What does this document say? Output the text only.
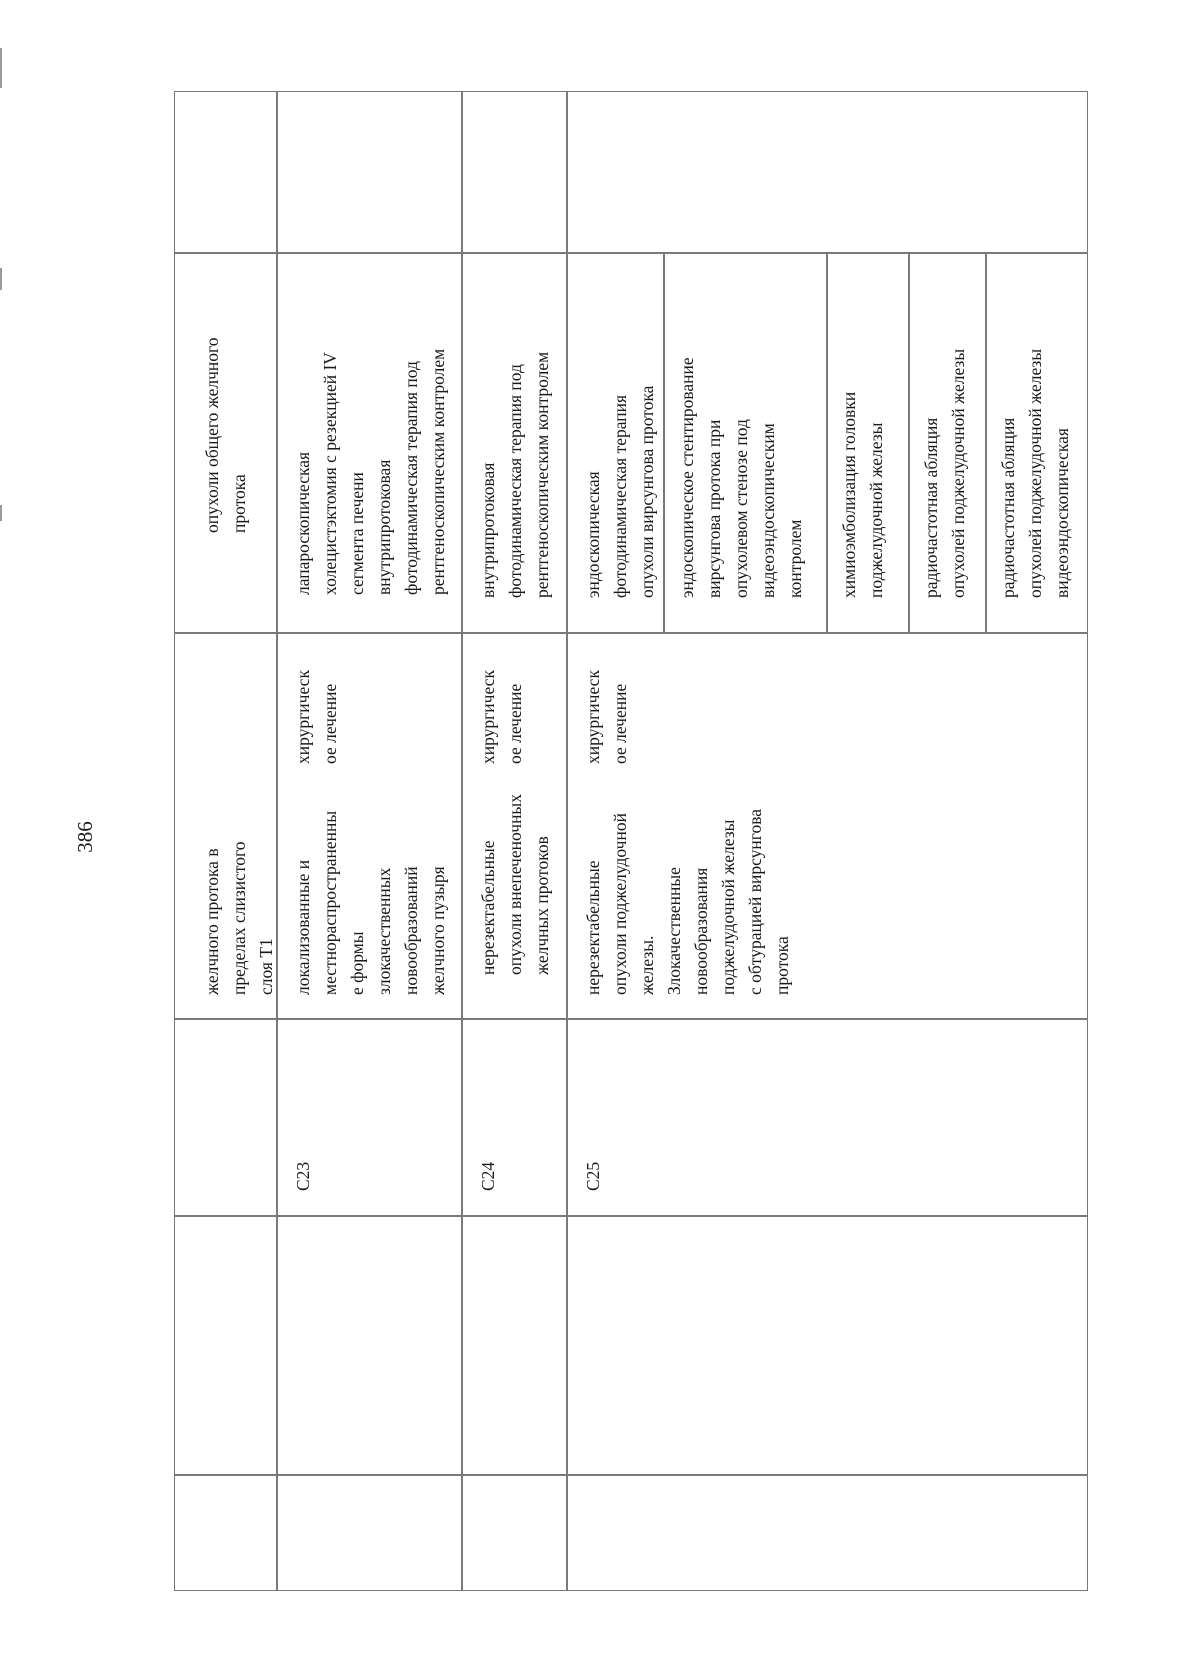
386
опухоли общего желчного
протока
желчного протока в
пределах слизистого
слоя Т1
лапароскопическая
холецистэктомия с резекцией IV
сегмента печени
внутрипротоковая
фотодинамическая терапия под
рентгеноскопическим контролем
хирургическ
ое лечение
локализованные и
местнораспространенны
е формы
злокачественных
новообразований
желчного пузыря
C23
внутрипротоковая
фотодинамическая терапия под
рентгеноскопическим контролем
хирургическ
ое лечение
нерезектабельные
опухоли внепеченочных
желчных протоков
C24
эндоскопическая
фотодинамическая терапия
опухоли вирсунгова протока
эндоскопическое стентирование
вирсунгова протока при
опухолевом стенозе под
видеоэндоскопическим
контролем химиоэмболизация головки
поджелудочной железы
радиочастотная абляция
опухолей поджелудочной железы
радиочастотная абляция
опухолей поджелудочной железы
видеоэндоскопическая
хирургическ
ое лечение
нерезектабельные
опухоли поджелудочной
железы.
Злокачественные
новообразования
поджелудочной железы
с обтурацией вирсунгова
протока
C25
